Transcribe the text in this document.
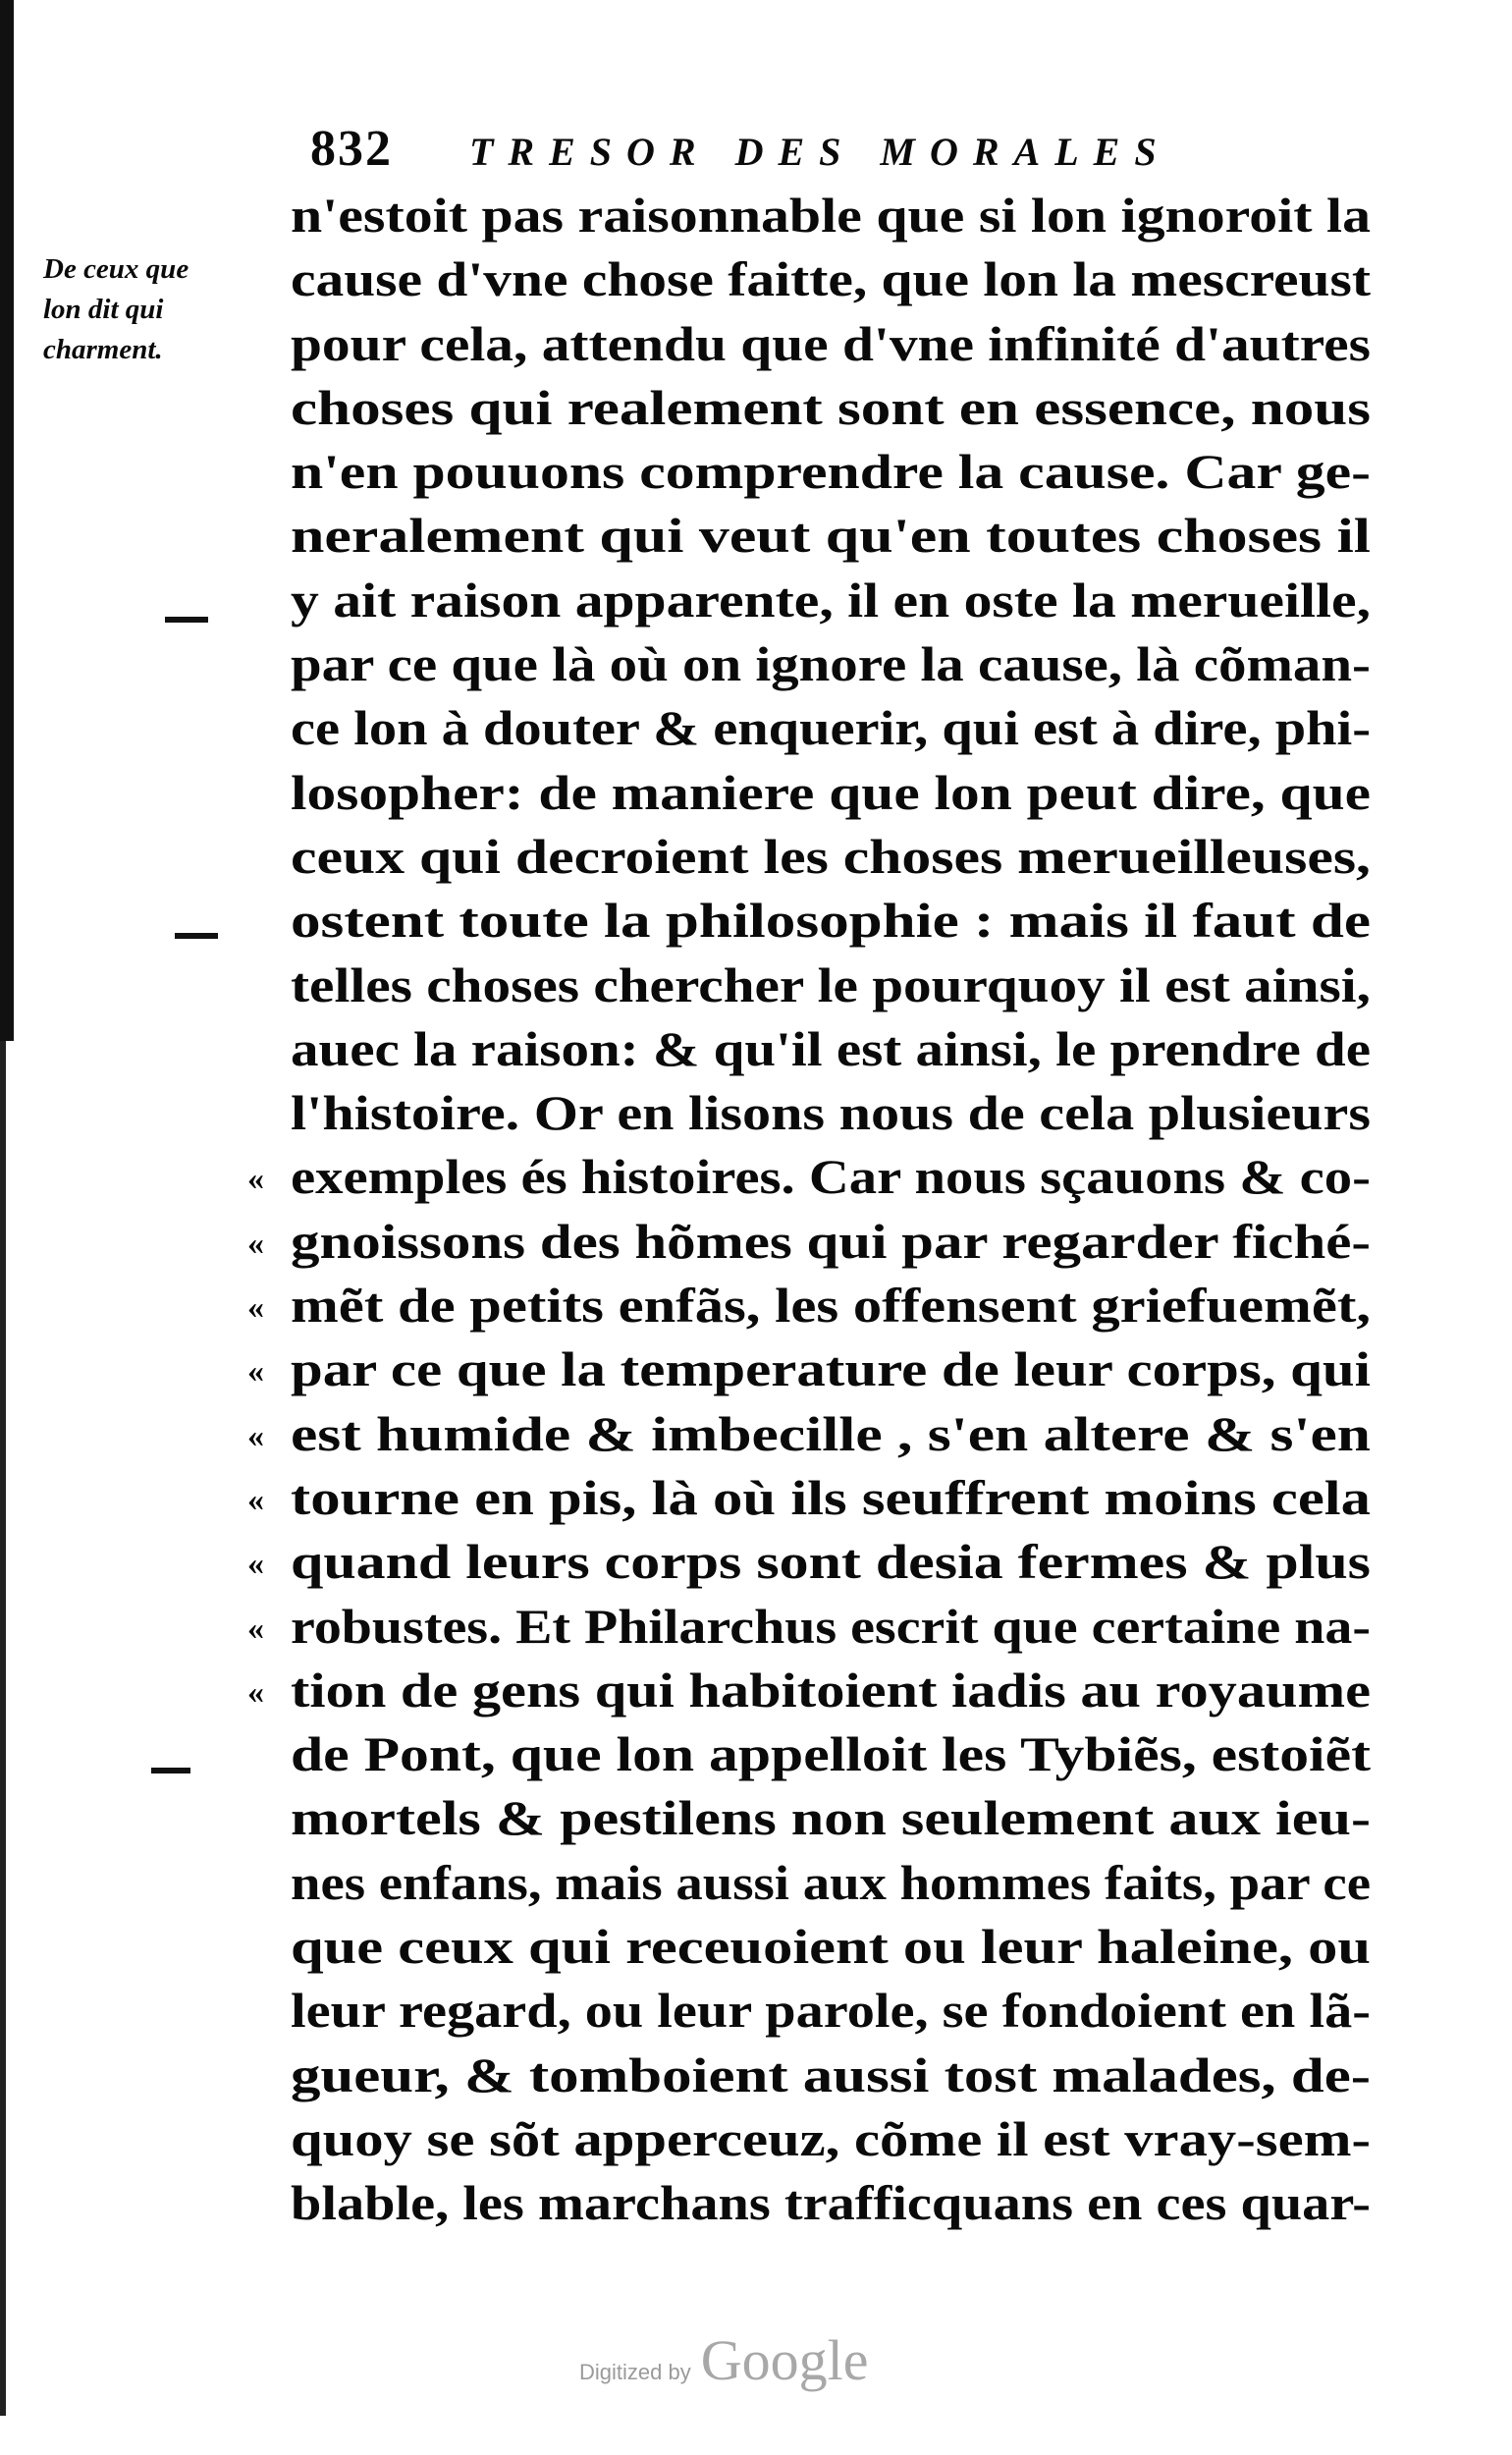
832 TRESOR DES MORALES
De ceux que
lon dit qui
charment.
n'estoit pas raisonnable que si lon ignoroit la
cause d'vne chose faitte, que lon la mescreust
pour cela, attendu que d'vne infinité d'autres
choses qui realement sont en essence, nous
n'en pouuons comprendre la cause. Car ge-
neralement qui veut qu'en toutes choses il
y ait raison apparente, il en oste la merueille,
par ce que là où on ignore la cause, là cõman-
ce lon à douter & enquerir, qui est à dire, phi-
losopher: de maniere que lon peut dire, que
ceux qui decroient les choses merueilleuses,
ostent toute la philosophie : mais il faut de
telles choses chercher le pourquoy il est ainsi,
auec la raison: & qu'il est ainsi, le prendre de
l'histoire. Or en lisons nous de cela plusieurs
« exemples és histoires. Car nous sçauons & co-
« gnoissons des hõmes qui par regarder fiché-
« mẽt de petits enfãs, les offensent griefuemẽt,
« par ce que la temperature de leur corps, qui
« est humide & imbecille , s'en altere & s'en
« tourne en pis, là où ils seuffrent moins cela
« quand leurs corps sont desia fermes & plus
« robustes. Et Philarchus escrit que certaine na-
« tion de gens qui habitoient iadis au royaume
de Pont, que lon appelloit les Tybiẽs, estoiẽt
mortels & pestilens non seulement aux ieu-
nes enfans, mais aussi aux hommes faits, par ce
que ceux qui receuoient ou leur haleine, ou
leur regard, ou leur parole, se fondoient en lã-
gueur, & tomboient aussi tost malades, de-
quoy se sõt apperceuz, cõme il est vray-sem-
blable, les marchans trafficquans en ces quar-
Digitized by Google
